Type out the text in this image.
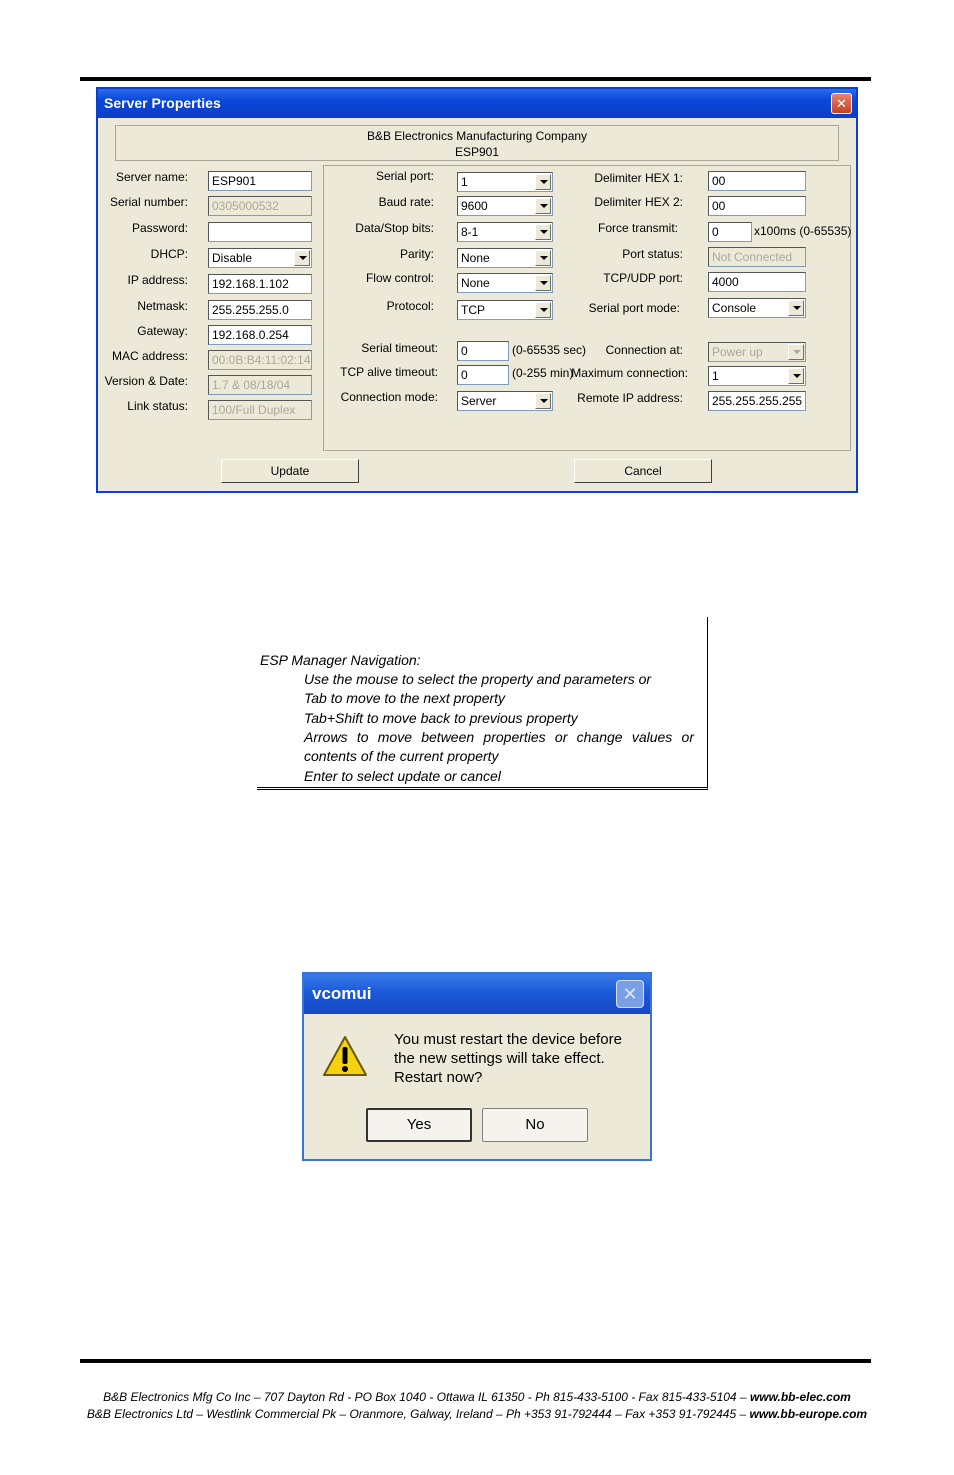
Server Properties	✕
B&B Electronics Manufacturing Company
ESP901
Server name:	ESP901
Serial number:	0305000532
Password:
DHCP:	Disable
IP address:	192.168.1.102
Netmask:	255.255.255.0
Gateway:	192.168.0.254
MAC address:	00:0B:B4:11:02:14
Version & Date:	1.7 & 08/18/04
Link status:	100/Full Duplex
Serial port:	1
Baud rate:	9600
Data/Stop bits:	8-1
Parity:	None
Flow control:	None
Protocol:	TCP
Serial timeout:	0	(0-65535 sec)
TCP alive timeout:	0	(0-255 min)
Connection mode:	Server
Delimiter HEX 1:	00
Delimiter HEX 2:	00
Force transmit:	0	x100ms (0-65535)
Port status:	Not Connected
TCP/UDP port:	4000
Serial port mode:	Console
Connection at:	Power up
Maximum connection:	1
Remote IP address:	255.255.255.255
Update	Cancel
ESP Manager Navigation:
Use the mouse to select the property and parameters or
Tab to move to the next property
Tab+Shift to move back to previous property
Arrows to move between properties or change values or
contents of the current property
Enter to select update or cancel
vcomui	✕
You must restart the device before
the new settings will take effect.
Restart now?
Yes	No
B&B Electronics Mfg Co Inc – 707 Dayton Rd - PO Box 1040 - Ottawa IL 61350 - Ph 815-433-5100 - Fax 815-433-5104 – www.bb-elec.com
B&B Electronics Ltd – Westlink Commercial Pk – Oranmore, Galway, Ireland – Ph +353 91-792444 – Fax +353 91-792445 – www.bb-europe.com
